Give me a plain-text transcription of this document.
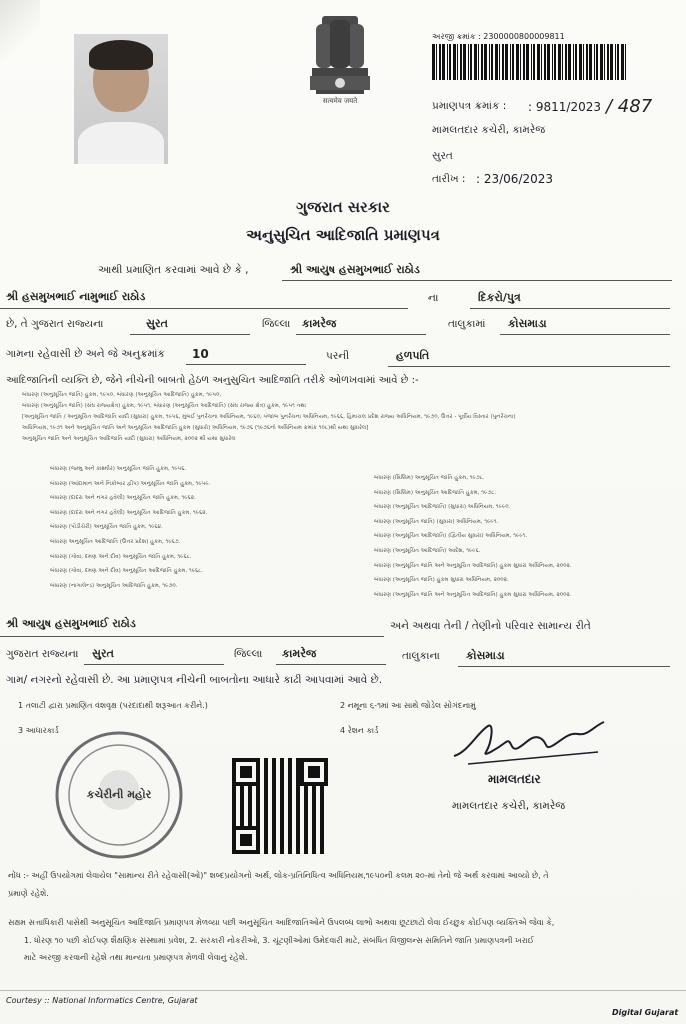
सत्यमेव जयते
અરજી ક્રમાંક : 2300000800009811
પ્રમાણપત્ર ક્રમાંક : : 9811/2023 / 487
મામલતદાર કચેરી, કામરેજ
સુરત
તારીખ : : 23/06/2023
ગુજરાત સરકાર
અનુસુચિત આદિજાતિ પ્રમાણપત્ર
આથી પ્રમાણિત કરવામાં આવે છે કે ,	શ્રી આયુષ હસમુખભાઈ રાઠોડ
શ્રી હસમુખભાઈ નામુભાઈ રાઠોડ	ના	દિકરો/પુત્ર
છે, તે ગુજરાત રાજ્યના	સુરત	જિલ્લા કામરેજ	તાલુકામાં કોસમાડા
ગામના રહેવાસી છે અને જે અનુક્રમાંક 10	પરની	હળપતિ
આદિજાતિની વ્યક્તિ છે, જેને નીચેની બાબતો હેઠળ અનુસુચિત આદિજાતિ તરીકે ઓળખવામાં આવે છે :-
બંધારણ (અનુસૂચિત જાતિ) હુકમ, ૧૯૫૦, બંધારણ (અનુસૂચિત આદિજાતિ) હુકમ, ૧૯૫૦,
બંધારણ (અનુસૂચિત જાતિ) (સંઘ રાજ્યક્ષેત્ર) હુકમ, ૧૯૫૧, બંધારણ (અનુસૂચિત આદિજાતિ) (સંઘ રાજ્ય ક્ષેત્ર) હુકમ, ૧૯૫૧ તથા
[અનુસૂચિત જાતિ / અનુસૂચિત આદિજાતિ યાદી (સુધારા) હુકમ, ૧૯૫૬, મુંબઈ પુનર્રચના અધિનિયમ, ૧૯૬૦, પંજાબ પુનર્રચના અધિનિયમ, ૧૯૬૬, હિમાચલ પ્રદેશ રાજ્ય અધિનિયમ, ૧૯૭૦, ઉત્તર - પૂર્વીય વિસ્તાર (પુનર્રચના)
અધિનિયમ, ૧૯૭૧ અને અનુસૂચિત જાતિ અને અનુસૂચિત આદિજાતિ હુકમ (સુધારો) અધિનિયમ, ૧૯૭૬ (૧૯૭૬નો અધિનિયમ ક્રમાંક ૧૦૮)થી યથા સુધારેલ]
અનુસૂચિત જાતિ અને અનુસૂચિત આદિજાતિ યાદી (સુધારા) અધિનિયમ, ૨૦૦૨ થી યથા સુધારેલ
બંધારણ (જમ્મુ અને કાશ્મીર) અનુસૂચિત જાતિ હુકમ, ૧૯૫૬.
બંધારણ (આંદામાન અને નિકોબાર દ્વીપ) અનુસૂચિત જાતિ હુકમ, ૧૯૫૯.
બંધારણ (દાદરા અને નગર હવેલી) અનુસૂચિત જાતિ હુકમ, ૧૯૬૨.
બંધારણ (દાદરા અને નગર હવેલી) અનુસૂચિત આદિજાતિ હુકમ, ૧૯૬૨.
બંધારણ (પોંડીચેરી) અનુસૂચિત જાતિ હુકમ, ૧૯૬૪.
બંધારણ અનુસૂચિત આદિજાતિ (ઉત્તર પ્રદેશ) હુકમ, ૧૯૬૭.
બંધારણ (ગોવા, દમણ અને દીવ) અનુસૂચિત જાતિ હુકમ, ૧૯૬૮.
બંધારણ (ગોવા, દમણ અને દીવ) અનુસૂચિત આદિજાતિ હુકમ, ૧૯૬૮.
બંધારણ (નાગાલેન્ડ) અનુસૂચિત આદિજાતિ હુકમ, ૧૯૭૦.
બંધારણ (સિક્કિમ) અનુસૂચિત જાતિ હુકમ, ૧૯૭૮.
બંધારણ (સિક્કિમ) અનુસૂચિત આદિજાતિ હુકમ, ૧૯૭૮.
બંધારણ (અનુસૂચિત આદિજાતિ) (સુધારા) અધિનિયમ, ૧૯૯૦.
બંધારણ (અનુસૂચિત જાતિ) (સુધારા) અધિનિયમ, ૧૯૯૧.
બંધારણ (અનુસૂચિત આદિજાતિ) (દ્વિતીય સુધારા) અધિનિયમ, ૧૯૯૧.
બંધારણ (અનુસૂચિત આદિજાતિ) આદેશ, ૧૯૯૬.
બંધારણ (અનુસૂચિત જાતિ અને અનુસૂચિત આદિજાતિ) હુકમ સુધારા અધિનિયમ, ૨૦૦૨.
બંધારણ (અનુસૂચિત જાતિ) હુકમ સુધારા અધિનિયમ, ૨૦૦૨.
બંધારણ (અનુસૂચિત જાતિ અને અનુસૂચિત આદિજાતિ) હુકમ સુધારા અધિનિયમ, ૨૦૦૨.
શ્રી આયુષ હસમુખભાઈ રાઠોડ	અને અથવા તેની / તેણીનો પરિવાર સામાન્ય રીતે
ગુજરાત રાજ્યના સુરત	જિલ્લા કામરેજ	તાલુકાના કોસમાડા
ગામ/ નગરનો રહેવાસી છે. આ પ્રમાણપત્ર નીચેની બાબતોના આધારે કાઢી આપવામાં આવે છે.
1 તલાટી દ્વારા પ્રમાણિત વંશવૃક્ષ (પરદાદાથી શરૂઆત કરીને.)	2 નમૂના ૬-૧માં આ સાથે જોડેલ સોગંદનામું
3 આધારકાર્ડ	4 રેશન કાર્ડ
કચેરીની મહોર
મામલતદાર
મામલતદાર કચેરી, કામરેજ
નોંધ :- અહીં ઉપયોગમાં લેવાયેલ "સામાન્ય રીતે રહેવાસી(ઓ)" શબ્દપ્રયોગનો અર્થ, લોક-પ્રતિનિધિત્વ અધિનિયમ,૧૯૫૦ની કલમ ૨૦-માં તેનો જે અર્થ કરવામાં આવ્યો છે, તે
પ્રમાણે રહેશે.
સક્ષમ સત્તાધિકારી પાસેથી અનુસૂચિત આદિજાતિ પ્રમાણપત્ર મેળવ્યા પછી અનુસૂચિત આદિજાતિઓને ઉપલબ્ધ લાભો અથવા છૂટછાટો લેવા ઈચ્છુક કોઈપણ વ્યક્તિએ જેવા કે,
1. ધોરણ ૧૦ પછી કોઈપણ શૈક્ષણિક સંસ્થામાં પ્રવેશ, 2. સરકારી નોકરીઓ, 3. ચૂંટણીઓમાં ઉમેદવારી માટે, સંબંધિત વિજીલન્સ સમિતિને જાતિ પ્રમાણપત્રની ખરાઈ
માટે અરજી કરવાની રહેશે તથા માન્યતા પ્રમાણપત્ર મેળવી લેવાનું રહેશે.
Courtesy :: National Informatics Centre, Gujarat
Digital Gujarat
